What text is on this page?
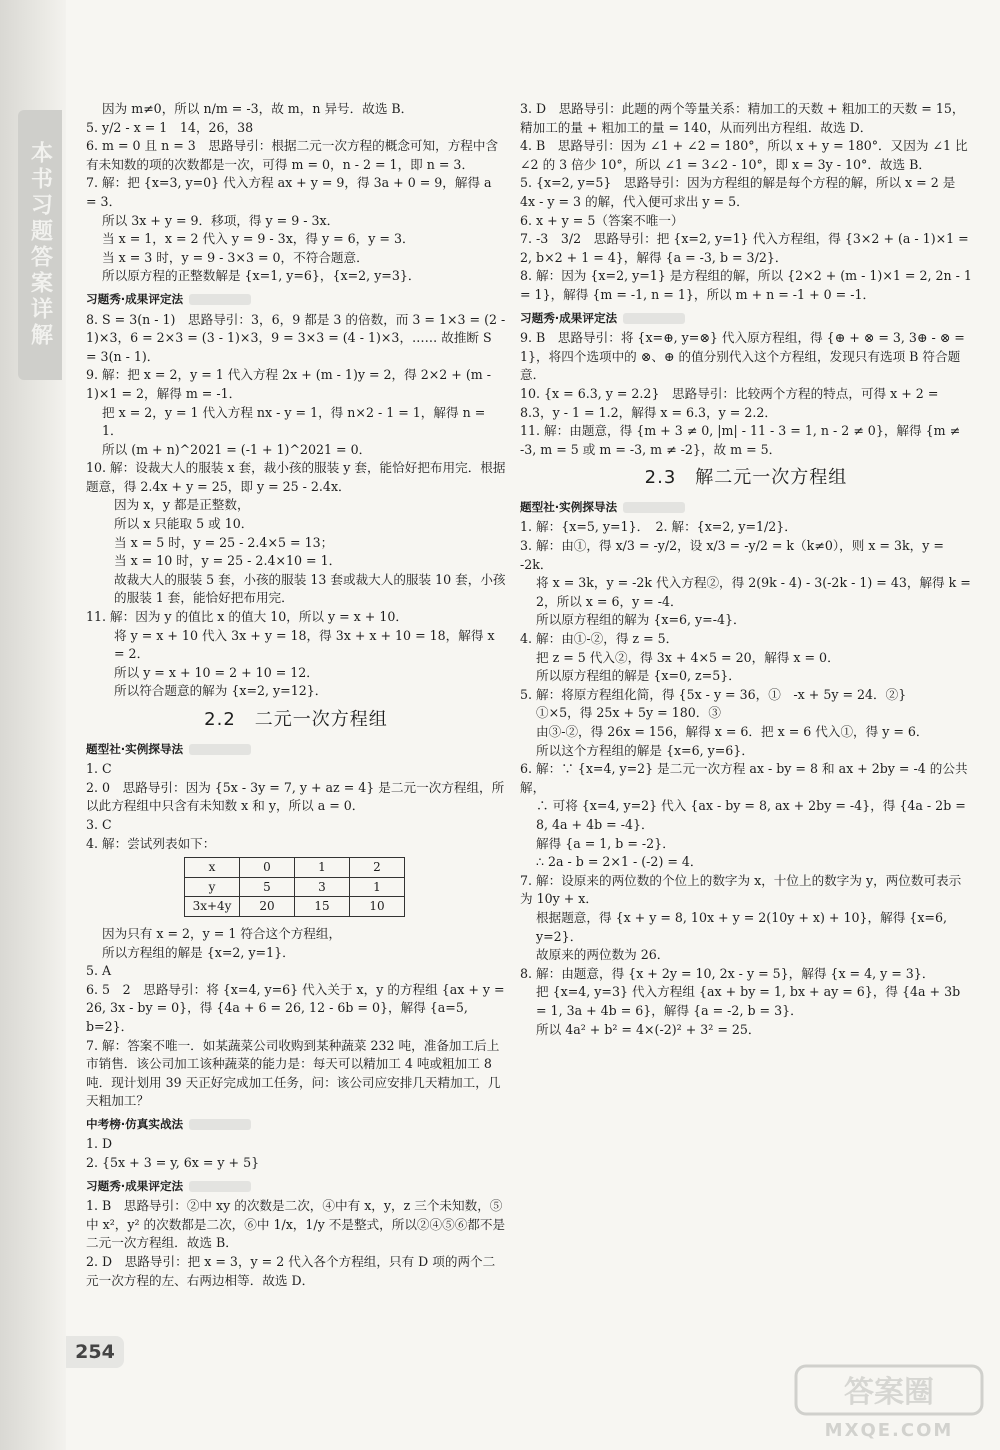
本书习题答案详解

因为 m≠0，所以 n/m = -3，故 m，n 异号．故选 B．

5. y/2 - x = 1　14，26，38

6. m = 0 且 n = 3　思路导引：根据二元一次方程的概念可知，方程中含有未知数的项的次数都是一次，可得 m = 0，n - 2 = 1，即 n = 3．

7. 解：把 {x=3, y=0} 代入方程 ax + y = 9，得 3a + 0 = 9，解得 a = 3．

所以 3x + y = 9．移项，得 y = 9 - 3x．

当 x = 1，x = 2 代入 y = 9 - 3x，得 y = 6，y = 3．

当 x = 3 时，y = 9 - 3×3 = 0，不符合题意．

所以原方程的正整数解是 {x=1, y=6}，{x=2, y=3}．

习题秀·成果评定法

8. S = 3(n - 1)　思路导引：3，6，9 都是 3 的倍数，而 3 = 1×3 = (2 - 1)×3，6 = 2×3 = (3 - 1)×3，9 = 3×3 = (4 - 1)×3，…… 故推断 S = 3(n - 1)．

9. 解：把 x = 2，y = 1 代入方程 2x + (m - 1)y = 2，得 2×2 + (m - 1)×1 = 2，解得 m = -1．

把 x = 2，y = 1 代入方程 nx - y = 1，得 n×2 - 1 = 1，解得 n = 1．

所以 (m + n)^2021 = (-1 + 1)^2021 = 0．

10. 解：设裁大人的服装 x 套，裁小孩的服装 y 套，能恰好把布用完．根据题意，得 2.4x + y = 25，即 y = 25 - 2.4x．

因为 x，y 都是正整数，

所以 x 只能取 5 或 10．

当 x = 5 时，y = 25 - 2.4×5 = 13；

当 x = 10 时，y = 25 - 2.4×10 = 1．

故裁大人的服装 5 套，小孩的服装 13 套或裁大人的服装 10 套，小孩的服装 1 套，能恰好把布用完．

11. 解：因为 y 的值比 x 的值大 10，所以 y = x + 10．

将 y = x + 10 代入 3x + y = 18，得 3x + x + 10 = 18，解得 x = 2．

所以 y = x + 10 = 2 + 10 = 12．

所以符合题意的解为 {x=2, y=12}．

2.2　二元一次方程组

题型社·实例探导法

1. C

2. 0　思路导引：因为 {5x - 3y = 7, y + az = 4} 是二元一次方程组，所以此方程组中只含有未知数 x 和 y，所以 a = 0．

3. C

4. 解：尝试列表如下：

x	0	1	2
y	5	3	1
3x+4y	20	15	10

因为只有 x = 2，y = 1 符合这个方程组，

所以方程组的解是 {x=2, y=1}．

5. A

6. 5　2　思路导引：将 {x=4, y=6} 代入关于 x，y 的方程组 {ax + y = 26, 3x - by = 0}，得 {4a + 6 = 26, 12 - 6b = 0}，解得 {a=5, b=2}．

7. 解：答案不唯一．如某蔬菜公司收购到某种蔬菜 232 吨，准备加工后上市销售．该公司加工该种蔬菜的能力是：每天可以精加工 4 吨或粗加工 8 吨．现计划用 39 天正好完成加工任务，问：该公司应安排几天精加工，几天粗加工？

中考榜·仿真实战法

1. D

2. {5x + 3 = y, 6x = y + 5}

习题秀·成果评定法

1. B　思路导引：②中 xy 的次数是二次，④中有 x，y，z 三个未知数，⑤中 x²，y² 的次数都是二次，⑥中 1/x，1/y 不是整式，所以②④⑤⑥都不是二元一次方程组．故选 B．

2. D　思路导引：把 x = 3，y = 2 代入各个方程组，只有 D 项的两个二元一次方程的左、右两边相等．故选 D．

3. D　思路导引：此题的两个等量关系：精加工的天数 + 粗加工的天数 = 15，精加工的量 + 粗加工的量 = 140，从而列出方程组．故选 D．

4. B　思路导引：因为 ∠1 + ∠2 = 180°，所以 x + y = 180°．又因为 ∠1 比 ∠2 的 3 倍少 10°，所以 ∠1 = 3∠2 - 10°，即 x = 3y - 10°．故选 B．

5. {x=2, y=5}　思路导引：因为方程组的解是每个方程的解，所以 x = 2 是 4x - y = 3 的解，代入便可求出 y = 5．

6. x + y = 5（答案不唯一）

7. -3　3/2　思路导引：把 {x=2, y=1} 代入方程组，得 {3×2 + (a - 1)×1 = 2, b×2 + 1 = 4}，解得 {a = -3, b = 3/2}．

8. 解：因为 {x=2, y=1} 是方程组的解，所以 {2×2 + (m - 1)×1 = 2, 2n - 1 = 1}，解得 {m = -1, n = 1}，所以 m + n = -1 + 0 = -1．

习题秀·成果评定法

9. B　思路导引：将 {x=⊕, y=⊗} 代入原方程组，得 {⊕ + ⊗ = 3, 3⊕ - ⊗ = 1}，将四个选项中的 ⊗、⊕ 的值分别代入这个方程组，发现只有选项 B 符合题意．

10. {x = 6.3, y = 2.2}　思路导引：比较两个方程的特点，可得 x + 2 = 8.3，y - 1 = 1.2，解得 x = 6.3，y = 2.2．

11. 解：由题意，得 {m + 3 ≠ 0, |m| - 11 - 3 = 1, n - 2 ≠ 0}，解得 {m ≠ -3, m = 5 或 m = -3, m ≠ -2}，故 m = 5．

2.3　解二元一次方程组

题型社·实例探导法

1. 解：{x=5, y=1}．　2. 解：{x=2, y=1/2}．

3. 解：由①，得 x/3 = -y/2，设 x/3 = -y/2 = k（k≠0），则 x = 3k，y = -2k．

将 x = 3k，y = -2k 代入方程②，得 2(9k - 4) - 3(-2k - 1) = 43，解得 k = 2，所以 x = 6，y = -4．

所以原方程组的解为 {x=6, y=-4}．

4. 解：由①-②，得 z = 5．

把 z = 5 代入②，得 3x + 4×5 = 20，解得 x = 0．

所以原方程组的解是 {x=0, z=5}．

5. 解：将原方程组化简，得 {5x - y = 36，①　-x + 5y = 24．②}

①×5，得 25x + 5y = 180．③

由③-②，得 26x = 156，解得 x = 6．把 x = 6 代入①，得 y = 6．

所以这个方程组的解是 {x=6, y=6}．

6. 解：∵ {x=4, y=2} 是二元一次方程 ax - by = 8 和 ax + 2by = -4 的公共解，

∴ 可将 {x=4, y=2} 代入 {ax - by = 8, ax + 2by = -4}，得 {4a - 2b = 8, 4a + 4b = -4}．

解得 {a = 1, b = -2}．

∴ 2a - b = 2×1 - (-2) = 4．

7. 解：设原来的两位数的个位上的数字为 x，十位上的数字为 y，两位数可表示为 10y + x．

根据题意，得 {x + y = 8, 10x + y = 2(10y + x) + 10}，解得 {x=6, y=2}．

故原来的两位数为 26．

8. 解：由题意，得 {x + 2y = 10, 2x - y = 5}，解得 {x = 4, y = 3}．

把 {x=4, y=3} 代入方程组 {ax + by = 1, bx + ay = 6}，得 {4a + 3b = 1, 3a + 4b = 6}，解得 {a = -2, b = 3}．

所以 4a² + b² = 4×(-2)² + 3² = 25．

254
答案圈
MXQE.COM
